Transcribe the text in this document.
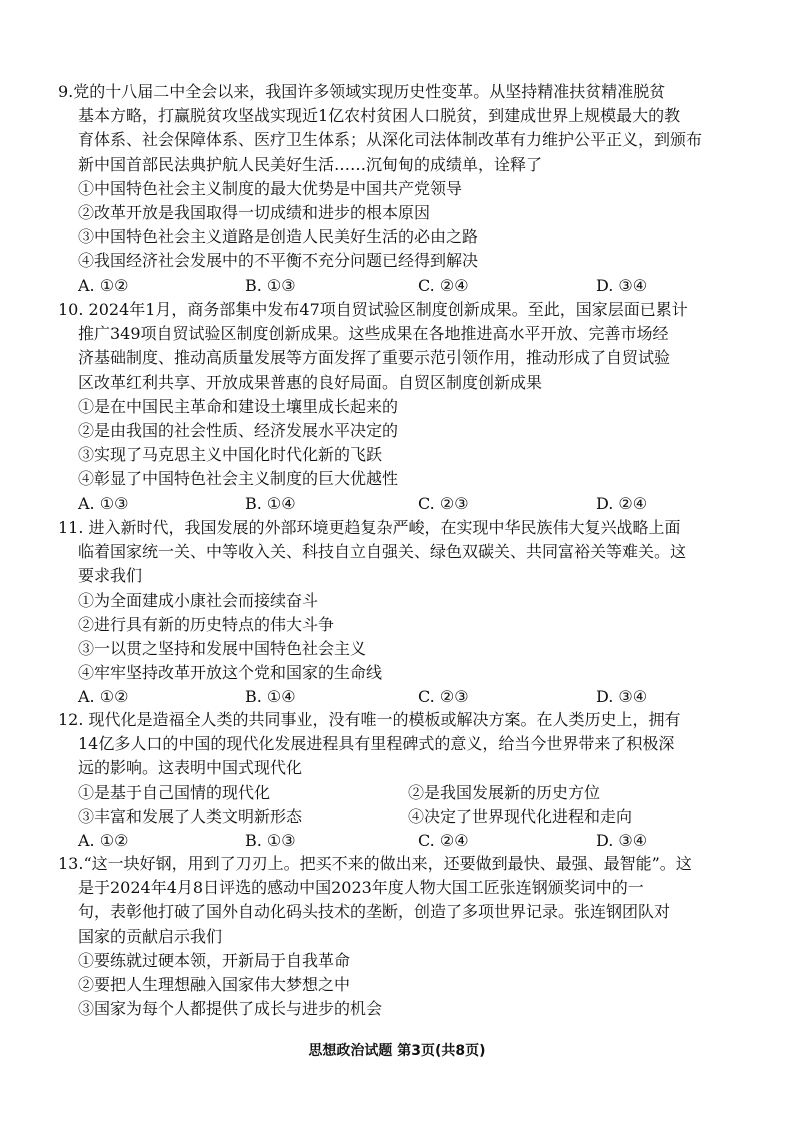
9.党的十八届二中全会以来，我国许多领域实现历史性变革。从坚持精准扶贫精准脱贫
基本方略，打赢脱贫攻坚战实现近1亿农村贫困人口脱贫，到建成世界上规模最大的教
育体系、社会保障体系、医疗卫生体系；从深化司法体制改革有力维护公平正义，到颁布
新中国首部民法典护航人民美好生活……沉甸甸的成绩单，诠释了
①中国特色社会主义制度的最大优势是中国共产党领导
②改革开放是我国取得一切成绩和进步的根本原因
③中国特色社会主义道路是创造人民美好生活的必由之路
④我国经济社会发展中的不平衡不充分问题已经得到解决
A. ①②	B. ①③	C. ②④	D. ③④
10. 2024年1月，商务部集中发布47项自贸试验区制度创新成果。至此，国家层面已累计
推广349项自贸试验区制度创新成果。这些成果在各地推进高水平开放、完善市场经
济基础制度、推动高质量发展等方面发挥了重要示范引领作用，推动形成了自贸试验
区改革红利共享、开放成果普惠的良好局面。自贸区制度创新成果
①是在中国民主革命和建设土壤里成长起来的
②是由我国的社会性质、经济发展水平决定的
③实现了马克思主义中国化时代化新的飞跃
④彰显了中国特色社会主义制度的巨大优越性
A. ①③	B. ①④	C. ②③	D. ②④
11. 进入新时代，我国发展的外部环境更趋复杂严峻，在实现中华民族伟大复兴战略上面
临着国家统一关、中等收入关、科技自立自强关、绿色双碳关、共同富裕关等难关。这
要求我们
①为全面建成小康社会而接续奋斗
②进行具有新的历史特点的伟大斗争
③一以贯之坚持和发展中国特色社会主义
④牢牢坚持改革开放这个党和国家的生命线
A. ①②	B. ①④	C. ②③	D. ③④
12. 现代化是造福全人类的共同事业，没有唯一的模板或解决方案。在人类历史上，拥有
14亿多人口的中国的现代化发展进程具有里程碑式的意义，给当今世界带来了积极深
远的影响。这表明中国式现代化
①是基于自己国情的现代化	②是我国发展新的历史方位
③丰富和发展了人类文明新形态	④决定了世界现代化进程和走向
A. ①②	B. ①③	C. ②④	D. ③④
13.“这一块好钢，用到了刀刃上。把买不来的做出来，还要做到最快、最强、最智能”。这
是于2024年4月8日评选的感动中国2023年度人物大国工匠张连钢颁奖词中的一
句，表彰他打破了国外自动化码头技术的垄断，创造了多项世界记录。张连钢团队对
国家的贡献启示我们
①要练就过硬本领，开新局于自我革命
②要把人生理想融入国家伟大梦想之中
③国家为每个人都提供了成长与进步的机会
思想政治试题 第3页(共8页)
